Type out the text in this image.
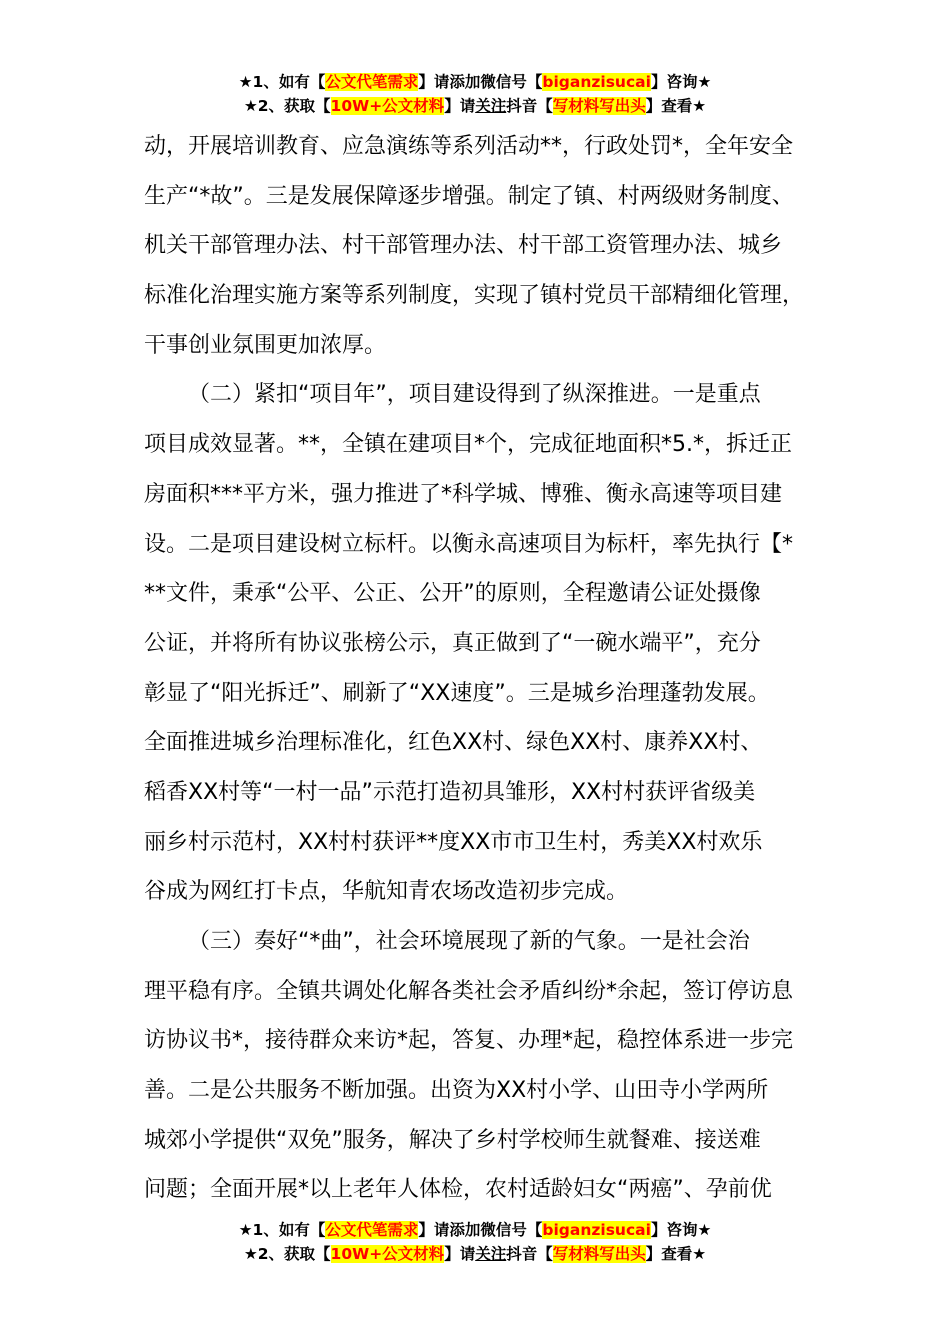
★1、如有【公文代笔需求】请添加微信号【biganzisucai】咨询★
★2、获取【10W+公文材料】请关注抖音【写材料写出头】查看★
动，开展培训教育、应急演练等系列活动**，行政处罚*，全年安全
生产“*故”。三是发展保障逐步增强。制定了镇、村两级财务制度、
机关干部管理办法、村干部管理办法、村干部工资管理办法、城乡
标准化治理实施方案等系列制度，实现了镇村党员干部精细化管理，
干事创业氛围更加浓厚。
（二）紧扣“项目年”，项目建设得到了纵深推进。一是重点
项目成效显著。**，全镇在建项目*个，完成征地面积*5.*，拆迁正
房面积***平方米，强力推进了*科学城、博雅、衡永高速等项目建
设。二是项目建设树立标杆。以衡永高速项目为标杆，率先执行【*
**文件，秉承“公平、公正、公开”的原则，全程邀请公证处摄像
公证，并将所有协议张榜公示，真正做到了“一碗水端平”，充分
彰显了“阳光拆迁”、刷新了“XX速度”。三是城乡治理蓬勃发展。
全面推进城乡治理标准化，红色XX村、绿色XX村、康养XX村、
稻香XX村等“一村一品”示范打造初具雏形，XX村村获评省级美
丽乡村示范村，XX村村获评**度XX市市卫生村，秀美XX村欢乐
谷成为网红打卡点，华航知青农场改造初步完成。
（三）奏好“*曲”，社会环境展现了新的气象。一是社会治
理平稳有序。全镇共调处化解各类社会矛盾纠纷*余起，签订停访息
访协议书*，接待群众来访*起，答复、办理*起，稳控体系进一步完
善。二是公共服务不断加强。出资为XX村小学、山田寺小学两所
城郊小学提供“双免”服务，解决了乡村学校师生就餐难、接送难
问题；全面开展*以上老年人体检，农村适龄妇女“两癌”、孕前优
★1、如有【公文代笔需求】请添加微信号【biganzisucai】咨询★
★2、获取【10W+公文材料】请关注抖音【写材料写出头】查看★
